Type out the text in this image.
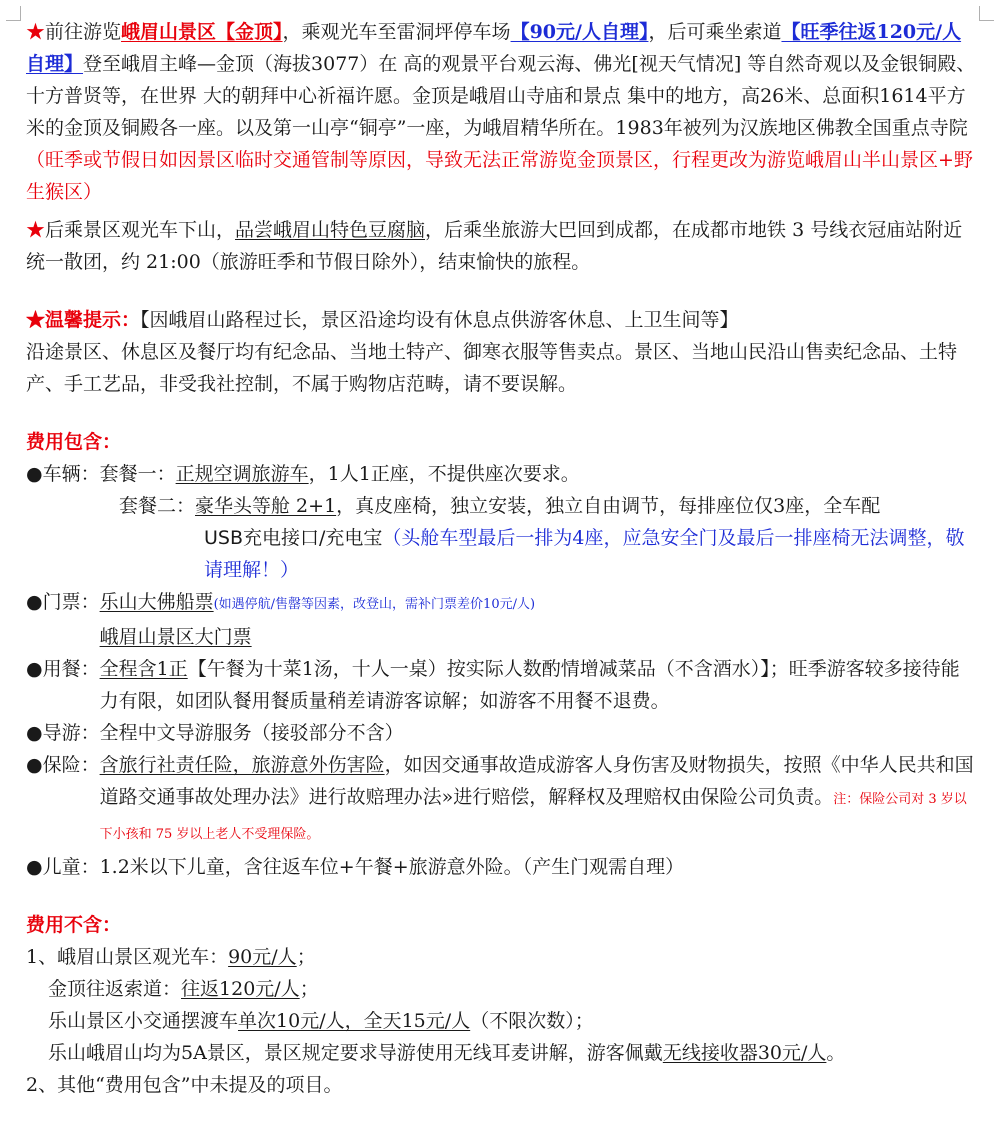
★前往游览峨眉山景区【金顶】，乘观光车至雷洞坪停车场【90元/人自理】，后可乘坐索道【旺季往返120元/人自理】登至峨眉主峰—金顶（海拔3077）在 高的观景平台观云海、佛光[视天气情况] 等自然奇观以及金银铜殿、十方普贤等，在世界 大的朝拜中心祈福许愿。金顶是峨眉山寺庙和景点 集中的地方，高26米、总面积1614平方米的金顶及铜殿各一座。以及第一山亭“铜亭”一座，为峨眉精华所在。1983年被列为汉族地区佛教全国重点寺院（旺季或节假日如因景区临时交通管制等原因，导致无法正常游览金顶景区，行程更改为游览峨眉山半山景区+野生猴区）

★后乘景区观光车下山，品尝峨眉山特色豆腐脑，后乘坐旅游大巴回到成都，在成都市地铁 3 号线衣冠庙站附近统一散团，约 21:00（旅游旺季和节假日除外），结束愉快的旅程。

★温馨提示：【因峨眉山路程过长，景区沿途均设有休息点供游客休息、上卫生间等】
沿途景区、休息区及餐厅均有纪念品、当地土特产、御寒衣服等售卖点。景区、当地山民沿山售卖纪念品、土特产、手工艺品，非受我社控制，不属于购物店范畴，请不要误解。

费用包含：

●车辆： 套餐一：正规空调旅游车，1人1正座，不提供座次要求。
套餐二：豪华头等舱 2+1，真皮座椅，独立安装，独立自由调节，每排座位仅3座，全车配
USB充电接口/充电宝（头舱车型最后一排为4座，应急安全门及最后一排座椅无法调整，敬请理解！）
●门票： 乐山大佛船票(如遇停航/售罄等因素，改登山，需补门票差价10元/人)
峨眉山景区大门票
●用餐： 全程含1正【午餐为十菜1汤，十人一桌）按实际人数酌情增减菜品（不含酒水）】；旺季游客较多接待能力有限，如团队餐用餐质量稍差请游客谅解；如游客不用餐不退费。
●导游： 全程中文导游服务（接驳部分不含）
●保险： 含旅行社责任险，旅游意外伤害险，如因交通事故造成游客人身伤害及财物损失，按照《中华人民共和国道路交通事故处理办法》进行故赔理办法»进行赔偿，解释权及理赔权由保险公司负责。注：保险公司对 3 岁以下小孩和 75 岁以上老人不受理保险。
●儿童： 1.2米以下儿童，含往返车位+午餐+旅游意外险。（产生门观需自理）

费用不含：

1、峨眉山景区观光车：90元/人；
金顶往返索道：往返120元/人；
乐山景区小交通摆渡车单次10元/人，全天15元/人（不限次数）；
乐山峨眉山均为5A景区，景区规定要求导游使用无线耳麦讲解，游客佩戴无线接收器30元/人。
2、其他“费用包含”中未提及的项目。
